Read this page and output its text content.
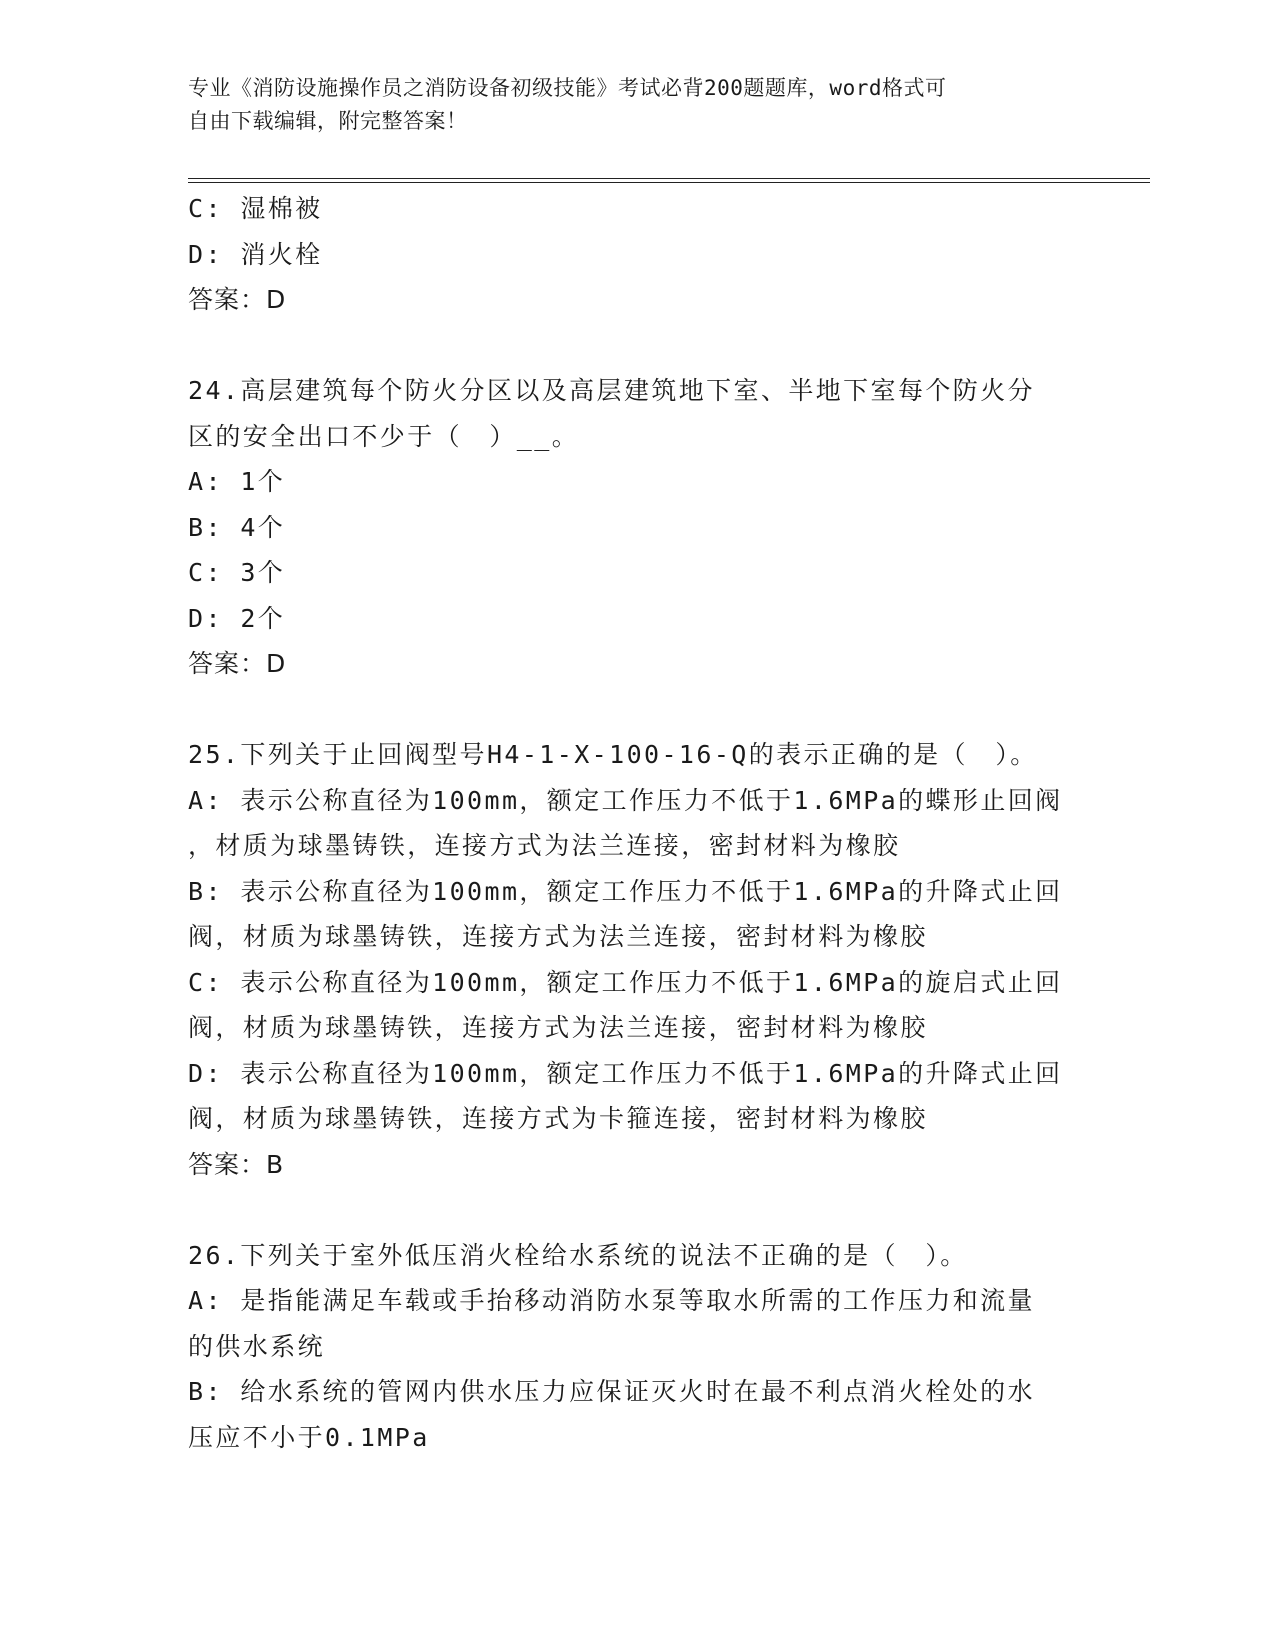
专业《消防设施操作员之消防设备初级技能》考试必背200题题库，word格式可
自由下载编辑，附完整答案！
C: 湿棉被
D: 消火栓
答案：D
24.高层建筑每个防火分区以及高层建筑地下室、半地下室每个防火分
区的安全出口不少于（　）__。
A: 1个
B: 4个
C: 3个
D: 2个
答案：D
25.下列关于止回阀型号H4-1-X-100-16-Q的表示正确的是（　）。
A: 表示公称直径为100mm，额定工作压力不低于1.6MPa的蝶形止回阀
，材质为球墨铸铁，连接方式为法兰连接，密封材料为橡胶
B: 表示公称直径为100mm，额定工作压力不低于1.6MPa的升降式止回
阀，材质为球墨铸铁，连接方式为法兰连接，密封材料为橡胶
C: 表示公称直径为100mm，额定工作压力不低于1.6MPa的旋启式止回
阀，材质为球墨铸铁，连接方式为法兰连接，密封材料为橡胶
D: 表示公称直径为100mm，额定工作压力不低于1.6MPa的升降式止回
阀，材质为球墨铸铁，连接方式为卡箍连接，密封材料为橡胶
答案：B
26.下列关于室外低压消火栓给水系统的说法不正确的是（　）。
A: 是指能满足车载或手抬移动消防水泵等取水所需的工作压力和流量
的供水系统
B: 给水系统的管网内供水压力应保证灭火时在最不利点消火栓处的水
压应不小于0.1MPa
